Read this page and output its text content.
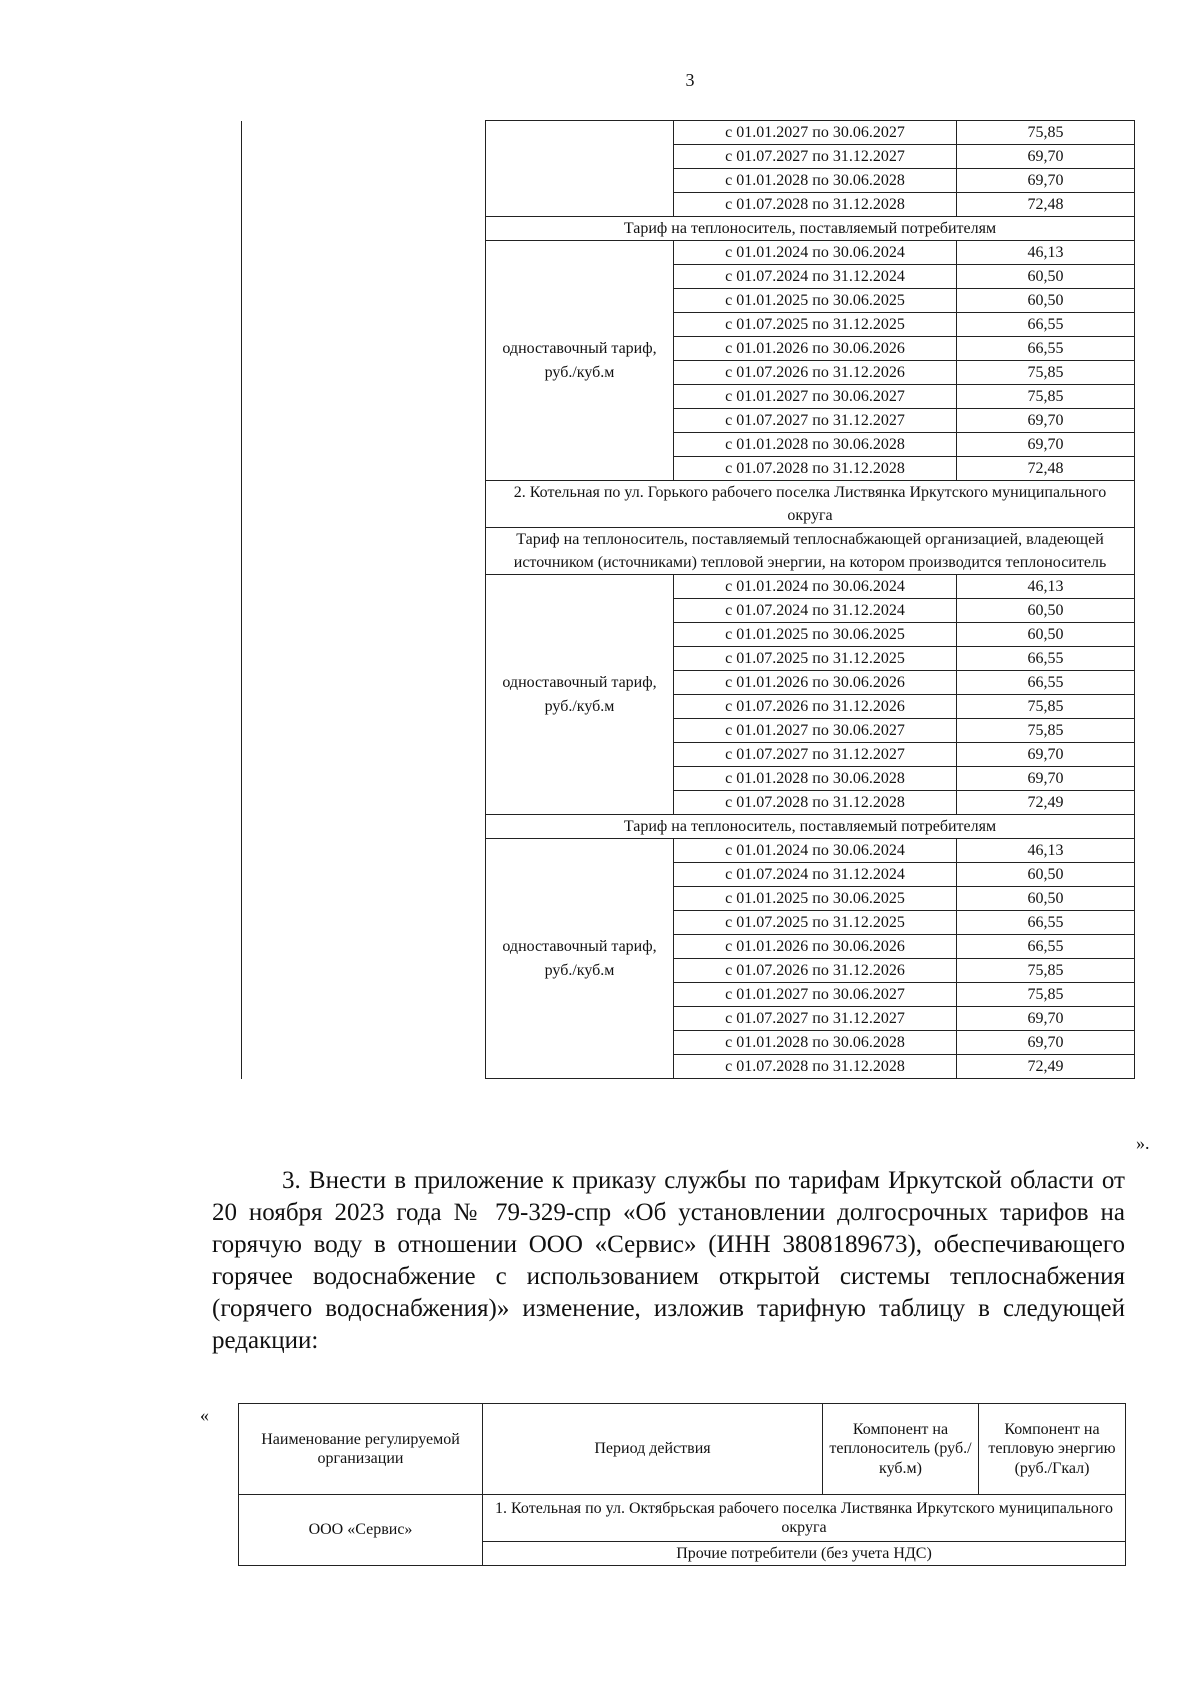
3
		с 01.01.2027 по 30.06.2027	75,85
		с 01.07.2027 по 31.12.2027	69,70
		с 01.01.2028 по 30.06.2028	69,70
		с 01.07.2028 по 31.12.2028	72,48
	Тариф на теплоноситель, поставляемый потребителям		
	одноставочный тариф, руб./куб.м	с 01.01.2024 по 30.06.2024	46,13
		с 01.07.2024 по 31.12.2024	60,50
		с 01.01.2025 по 30.06.2025	60,50
		с 01.07.2025 по 31.12.2025	66,55
		с 01.01.2026 по 30.06.2026	66,55
		с 01.07.2026 по 31.12.2026	75,85
		с 01.01.2027 по 30.06.2027	75,85
		с 01.07.2027 по 31.12.2027	69,70
		с 01.01.2028 по 30.06.2028	69,70
		с 01.07.2028 по 31.12.2028	72,48
	2. Котельная по ул. Горького рабочего поселка Листвянка Иркутского муниципального округа		
	Тариф на теплоноситель, поставляемый теплоснабжающей организацией, владеющей источником (источниками) тепловой энергии, на котором производится теплоноситель		
	одноставочный тариф, руб./куб.м	с 01.01.2024 по 30.06.2024	46,13
		с 01.07.2024 по 31.12.2024	60,50
		с 01.01.2025 по 30.06.2025	60,50
		с 01.07.2025 по 31.12.2025	66,55
		с 01.01.2026 по 30.06.2026	66,55
		с 01.07.2026 по 31.12.2026	75,85
		с 01.01.2027 по 30.06.2027	75,85
		с 01.07.2027 по 31.12.2027	69,70
		с 01.01.2028 по 30.06.2028	69,70
		с 01.07.2028 по 31.12.2028	72,49
	Тариф на теплоноситель, поставляемый потребителям		
	одноставочный тариф, руб./куб.м	с 01.01.2024 по 30.06.2024	46,13
		с 01.07.2024 по 31.12.2024	60,50
		с 01.01.2025 по 30.06.2025	60,50
		с 01.07.2025 по 31.12.2025	66,55
		с 01.01.2026 по 30.06.2026	66,55
		с 01.07.2026 по 31.12.2026	75,85
		с 01.01.2027 по 30.06.2027	75,85
		с 01.07.2027 по 31.12.2027	69,70
		с 01.01.2028 по 30.06.2028	69,70
		с 01.07.2028 по 31.12.2028	72,49
».
3. Внести в приложение к приказу службы по тарифам Иркутской области от 20 ноября 2023 года № 79-329-спр «Об установлении долгосрочных тарифов на горячую воду в отношении ООО «Сервис» (ИНН 3808189673), обеспечивающего горячее водоснабжение с использованием открытой системы теплоснабжения (горячего водоснабжения)» изменение, изложив тарифную таблицу в следующей редакции:
«
Наименование регулируемой организации	Период действия	Компонент на теплоноситель (руб./куб.м)	Компонент на тепловую энергию (руб./Гкал)
ООО «Сервис»	1. Котельная по ул. Октябрьская рабочего поселка Листвянка Иркутского муниципального округа		
	Прочие потребители (без учета НДС)		
